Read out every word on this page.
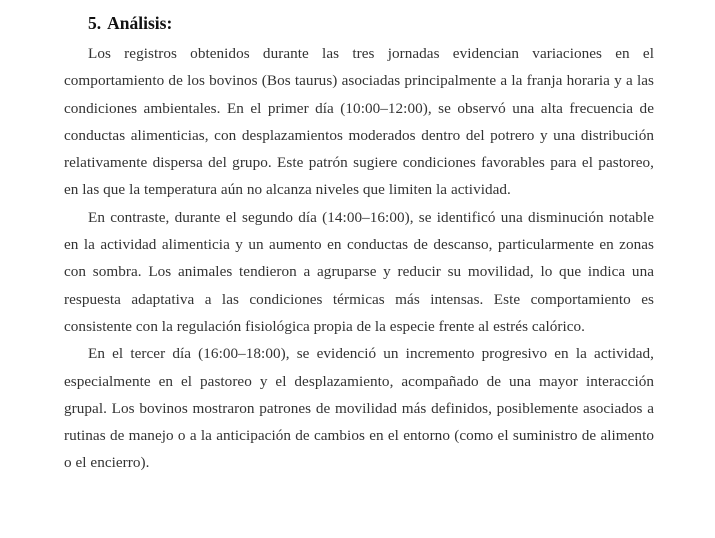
5. Análisis:

Los registros obtenidos durante las tres jornadas evidencian variaciones en el comportamiento de los bovinos (Bos taurus) asociadas principalmente a la franja horaria y a las condiciones ambientales. En el primer día (10:00–12:00), se observó una alta frecuencia de conductas alimenticias, con desplazamientos moderados dentro del potrero y una distribución relativamente dispersa del grupo. Este patrón sugiere condiciones favorables para el pastoreo, en las que la temperatura aún no alcanza niveles que limiten la actividad.

En contraste, durante el segundo día (14:00–16:00), se identificó una disminución notable en la actividad alimenticia y un aumento en conductas de descanso, particularmente en zonas con sombra. Los animales tendieron a agruparse y reducir su movilidad, lo que indica una respuesta adaptativa a las condiciones térmicas más intensas. Este comportamiento es consistente con la regulación fisiológica propia de la especie frente al estrés calórico.

En el tercer día (16:00–18:00), se evidenció un incremento progresivo en la actividad, especialmente en el pastoreo y el desplazamiento, acompañado de una mayor interacción grupal. Los bovinos mostraron patrones de movilidad más definidos, posiblemente asociados a rutinas de manejo o a la anticipación de cambios en el entorno (como el suministro de alimento o el encierro).
